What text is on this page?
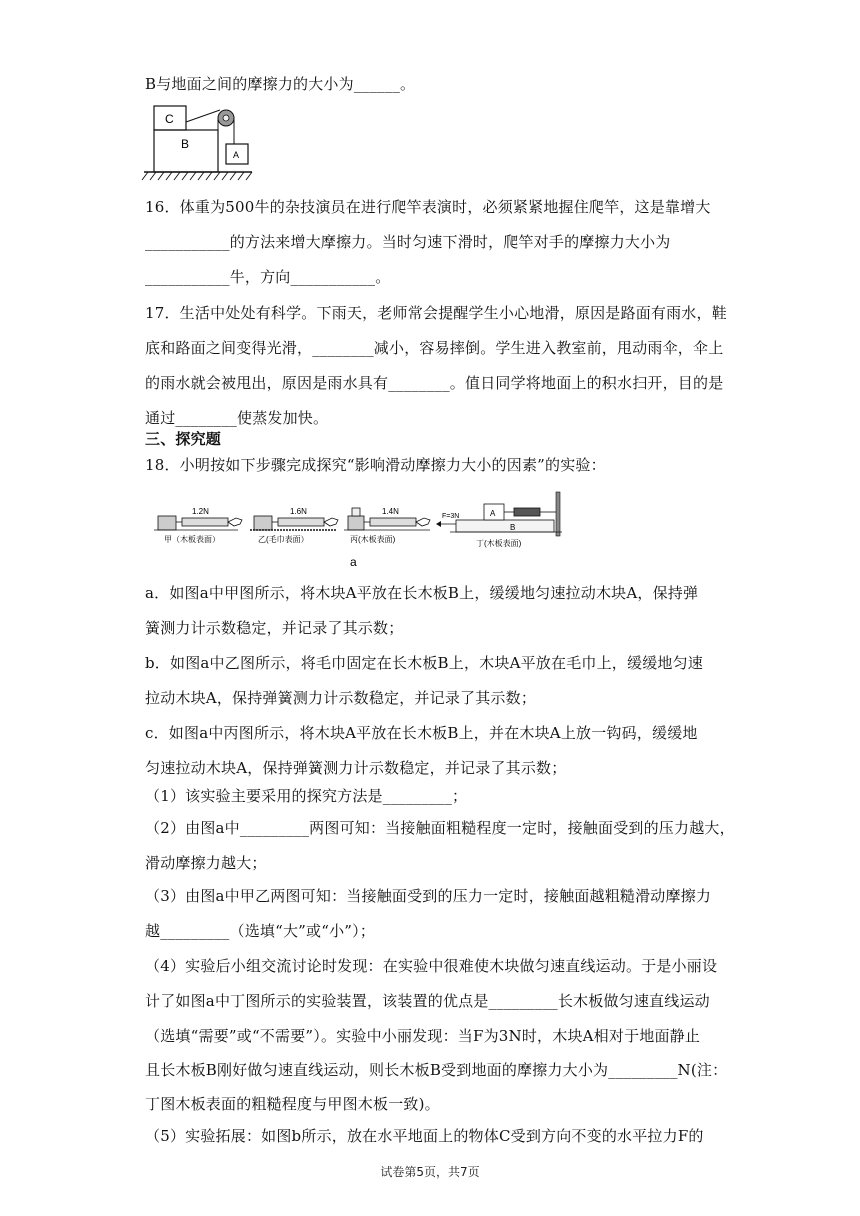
B与地面之间的摩擦力的大小为______。
C
B
A
16．体重为500牛的杂技演员在进行爬竿表演时，必须紧紧地握住爬竿，这是靠增大
___________的方法来增大摩擦力。当时匀速下滑时，爬竿对手的摩擦力大小为
___________牛，方向___________。
17．生活中处处有科学。下雨天，老师常会提醒学生小心地滑，原因是路面有雨水，鞋
底和路面之间变得光滑，________减小，容易摔倒。学生进入教室前，甩动雨伞，伞上
的雨水就会被甩出，原因是雨水具有________。值日同学将地面上的积水扫开，目的是
通过________使蒸发加快。
三、探究题
18．小明按如下步骤完成探究“影响滑动摩擦力大小的因素”的实验：
1.2N
甲（木板表面）
1.6N
乙(毛巾表面）
1.4N
丙(木板表面)
F=3N
B
A
丁(木板表面)
a
a．如图a中甲图所示，将木块A平放在长木板B上，缓缓地匀速拉动木块A，保持弹
簧测力计示数稳定，并记录了其示数；
b．如图a中乙图所示，将毛巾固定在长木板B上，木块A平放在毛巾上，缓缓地匀速
拉动木块A，保持弹簧测力计示数稳定，并记录了其示数；
c．如图a中丙图所示，将木块A平放在长木板B上，并在木块A上放一钩码，缓缓地
匀速拉动木块A，保持弹簧测力计示数稳定，并记录了其示数；
（1）该实验主要采用的探究方法是_________；
（2）由图a中_________两图可知：当接触面粗糙程度一定时，接触面受到的压力越大，
滑动摩擦力越大；
（3）由图a中甲乙两图可知：当接触面受到的压力一定时，接触面越粗糙滑动摩擦力
越_________（选填“大”或“小”）；
（4）实验后小组交流讨论时发现：在实验中很难使木块做匀速直线运动。于是小丽设
计了如图a中丁图所示的实验装置，该装置的优点是_________长木板做匀速直线运动
（选填“需要”或“不需要”）。实验中小丽发现：当F为3N时，木块A相对于地面静止
且长木板B刚好做匀速直线运动，则长木板B受到地面的摩擦力大小为_________N(注：
丁图木板表面的粗糙程度与甲图木板一致)。
（5）实验拓展：如图b所示，放在水平地面上的物体C受到方向不变的水平拉力F的
试卷第5页，共7页
